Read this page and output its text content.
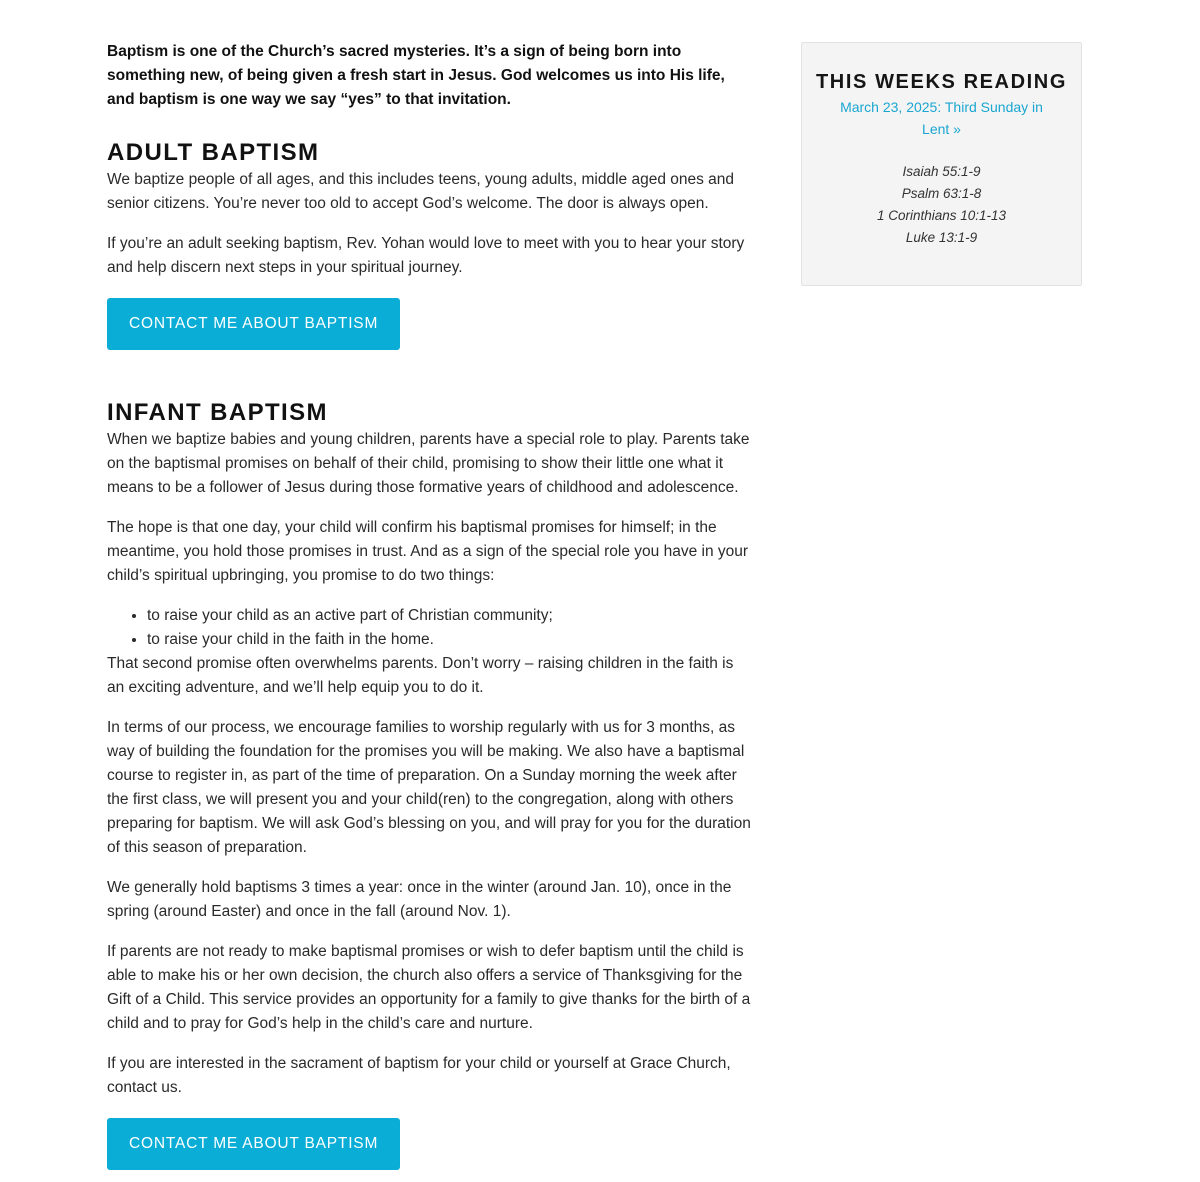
Baptism is one of the Church’s sacred mysteries. It’s a sign of being born into something new, of being given a fresh start in Jesus. God welcomes us into His life, and baptism is one way we say “yes” to that invitation.

ADULT BAPTISM

We baptize people of all ages, and this includes teens, young adults, middle aged ones and senior citizens. You’re never too old to accept God’s welcome. The door is always open.

If you’re an adult seeking baptism, Rev. Yohan would love to meet with you to hear your story and help discern next steps in your spiritual journey.

CONTACT ME ABOUT BAPTISM
INFANT BAPTISM

When we baptize babies and young children, parents have a special role to play. Parents take on the baptismal promises on behalf of their child, promising to show their little one what it means to be a follower of Jesus during those formative years of childhood and adolescence.

The hope is that one day, your child will confirm his baptismal promises for himself; in the meantime, you hold those promises in trust. And as a sign of the special role you have in your child’s spiritual upbringing, you promise to do two things:

• to raise your child as an active part of Christian community;
• to raise your child in the faith in the home.

That second promise often overwhelms parents. Don’t worry – raising children in the faith is an exciting adventure, and we’ll help equip you to do it.

In terms of our process, we encourage families to worship regularly with us for 3 months, as way of building the foundation for the promises you will be making. We also have a baptismal course to register in, as part of the time of preparation. On a Sunday morning the week after the first class, we will present you and your child(ren) to the congregation, along with others preparing for baptism. We will ask God’s blessing on you, and will pray for you for the duration of this season of preparation.

We generally hold baptisms 3 times a year: once in the winter (around Jan. 10), once in the spring (around Easter) and once in the fall (around Nov. 1).

If parents are not ready to make baptismal promises or wish to defer baptism until the child is able to make his or her own decision, the church also offers a service of Thanksgiving for the Gift of a Child. This service provides an opportunity for a family to give thanks for the birth of a child and to pray for God’s help in the child’s care and nurture.

If you are interested in the sacrament of baptism for your child or yourself at Grace Church, contact us.

CONTACT ME ABOUT BAPTISM
THIS WEEKS READING
March 23, 2025: Third Sunday in Lent »
Isaiah 55:1-9
Psalm 63:1-8
1 Corinthians 10:1-13
Luke 13:1-9
